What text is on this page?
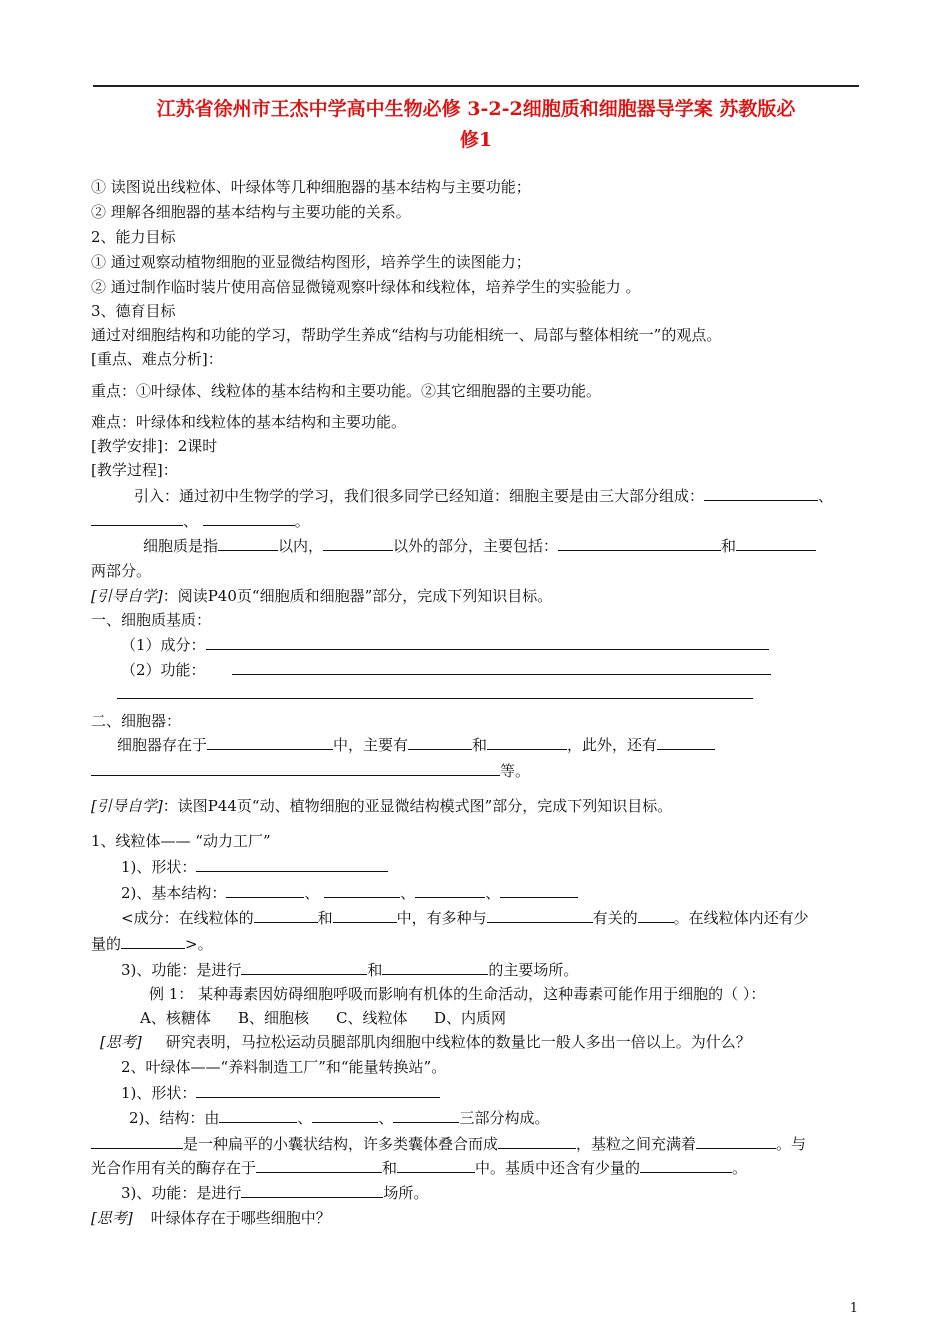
江苏省徐州市王杰中学高中生物必修 3-2-2细胞质和细胞器导学案 苏教版必
修1
① 读图说出线粒体、叶绿体等几种细胞器的基本结构与主要功能；
② 理解各细胞器的基本结构与主要功能的关系。
2、能力目标
① 通过观察动植物细胞的亚显微结构图形，培养学生的读图能力；
② 通过制作临时装片使用高倍显微镜观察叶绿体和线粒体，培养学生的实验能力 。
3、德育目标
通过对细胞结构和功能的学习，帮助学生养成“结构与功能相统一、局部与整体相统一”的观点。
[重点、难点分析]：
重点：①叶绿体、线粒体的基本结构和主要功能。②其它细胞器的主要功能。
难点：叶绿体和线粒体的基本结构和主要功能。
[教学安排]：2课时
[教学过程]：
引入：通过初中生物学的学习，我们很多同学已经知道：细胞主要是由三大部分组成：	、
、	。
细胞质是指	以内，	以外的部分，主要包括：	和
两部分。
[引导自学]：阅读P40页“细胞质和细胞器”部分，完成下列知识目标。
一、细胞质基质：
（1）成分：
（2）功能：
二、细胞器：
细胞器存在于	中，主要有	和	，此外，还有
等。
[引导自学]：读图P44页“动、植物细胞的亚显微结构模式图”部分，完成下列知识目标。
1、线粒体—— “动力工厂”
1)、形状：
2)、基本结构：	、	、	、
<成分：在线粒体的	和	中，有多种与	有关的 。在线粒体内还有少
量的	>。
3)、功能：是进行	和	的主要场所。
例 1： 某种毒素因妨碍细胞呼吸而影响有机体的生命活动，这种毒素可能作用于细胞的（ ）：
A、核糖体 B、细胞核 C、线粒体 D、内质网
[思考] 研究表明，马拉松运动员腿部肌肉细胞中线粒体的数量比一般人多出一倍以上。为什么？
2、叶绿体——“养料制造工厂”和“能量转换站”。
1)、形状：
2)、结构：由	、	、	三部分构成。
是一种扁平的小囊状结构，许多类囊体叠合而成	，基粒之间充满着	。与
光合作用有关的酶存在于	和	中。基质中还含有少量的	。
3)、功能：是进行	场所。
[思考] 叶绿体存在于哪些细胞中？
1
